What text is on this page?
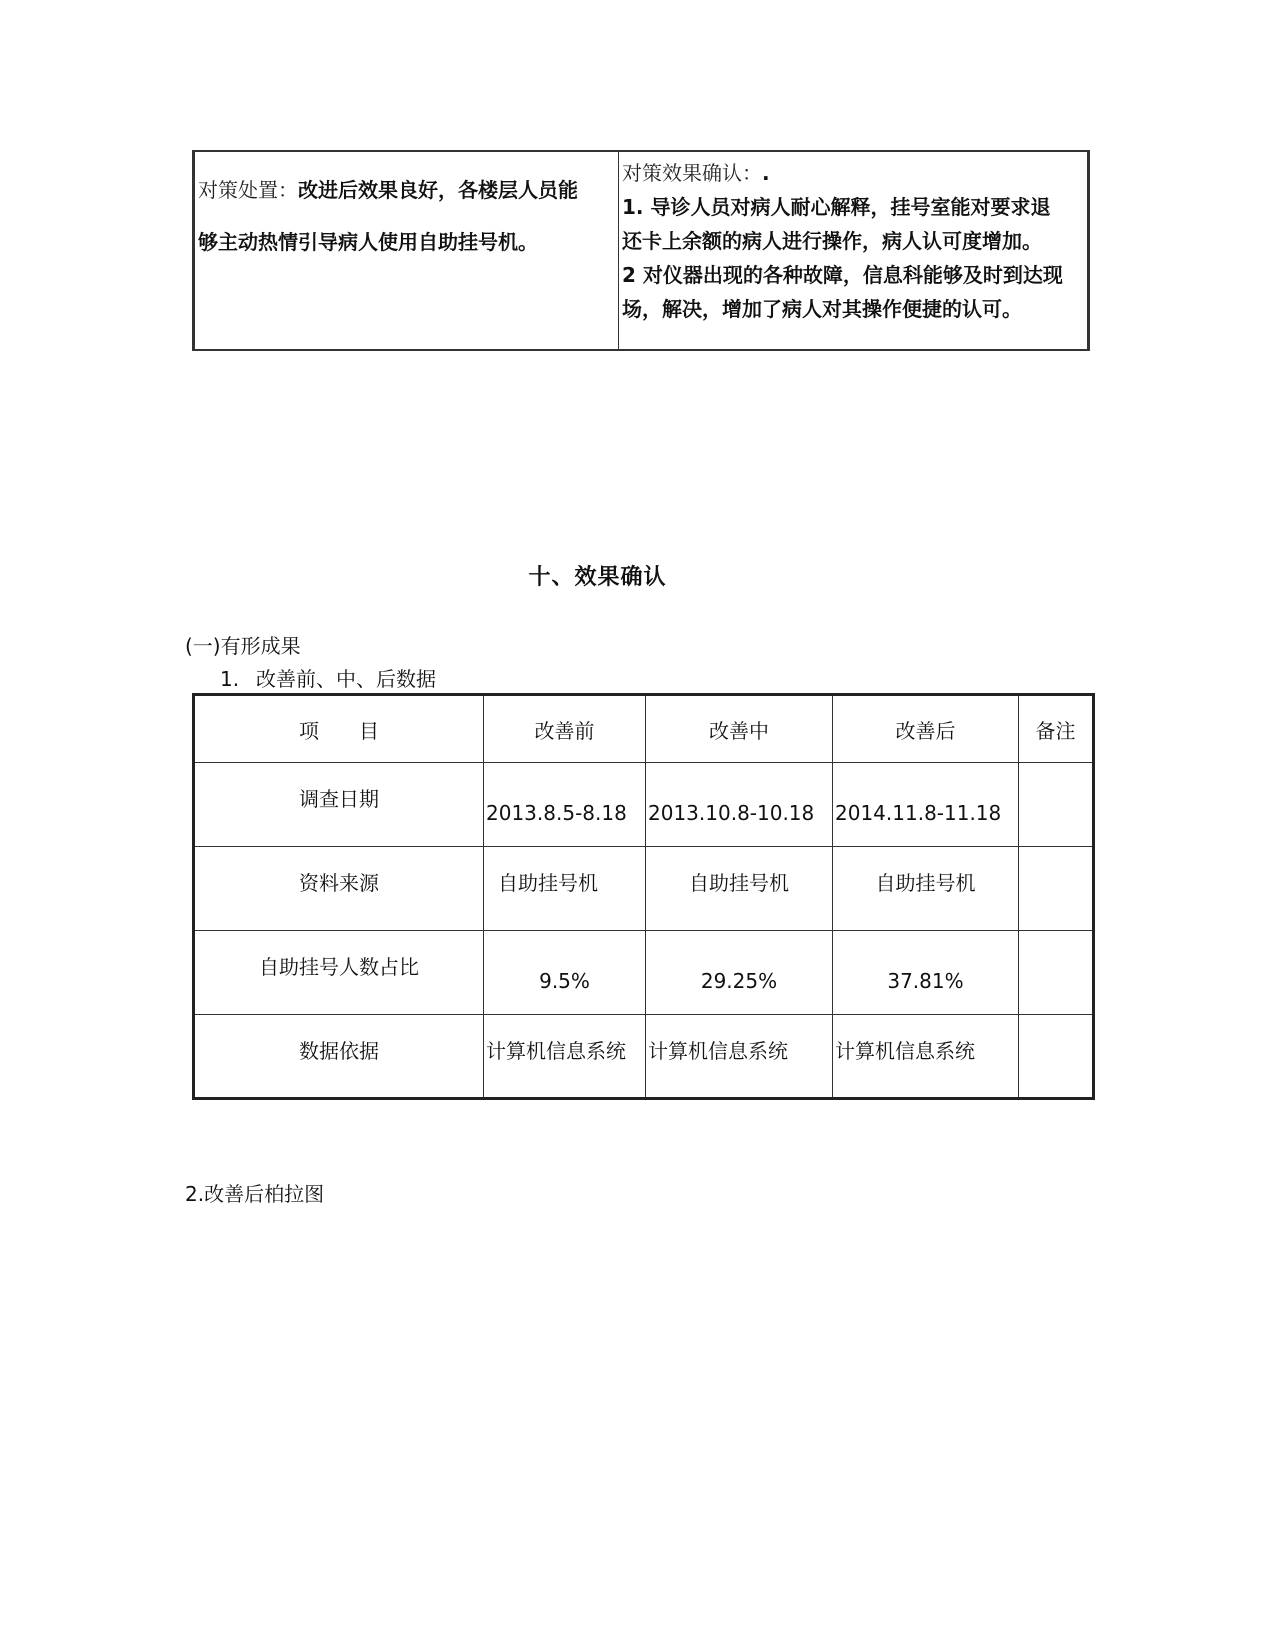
对策处置：改进后效果良好，各楼层人员能
够主动热情引导病人使用自助挂号机。
对策效果确认：.
1. 导诊人员对病人耐心解释，挂号室能对要求退
还卡上余额的病人进行操作，病人认可度增加。
2 对仪器出现的各种故障，信息科能够及时到达现
场，解决，增加了病人对其操作便捷的认可。
十、效果确认
(一)有形成果
1. 改善前、中、后数据
项　　目	改善前	改善中	改善后	备注
调查日期	2013.8.5-8.18	2013.10.8-10.18	2014.11.8-11.18	
资料来源	自助挂号机	自助挂号机	自助挂号机	
自助挂号人数占比	9.5%	29.25%	37.81%	
数据依据	计算机信息系统	计算机信息系统	计算机信息系统	
2.改善后柏拉图
